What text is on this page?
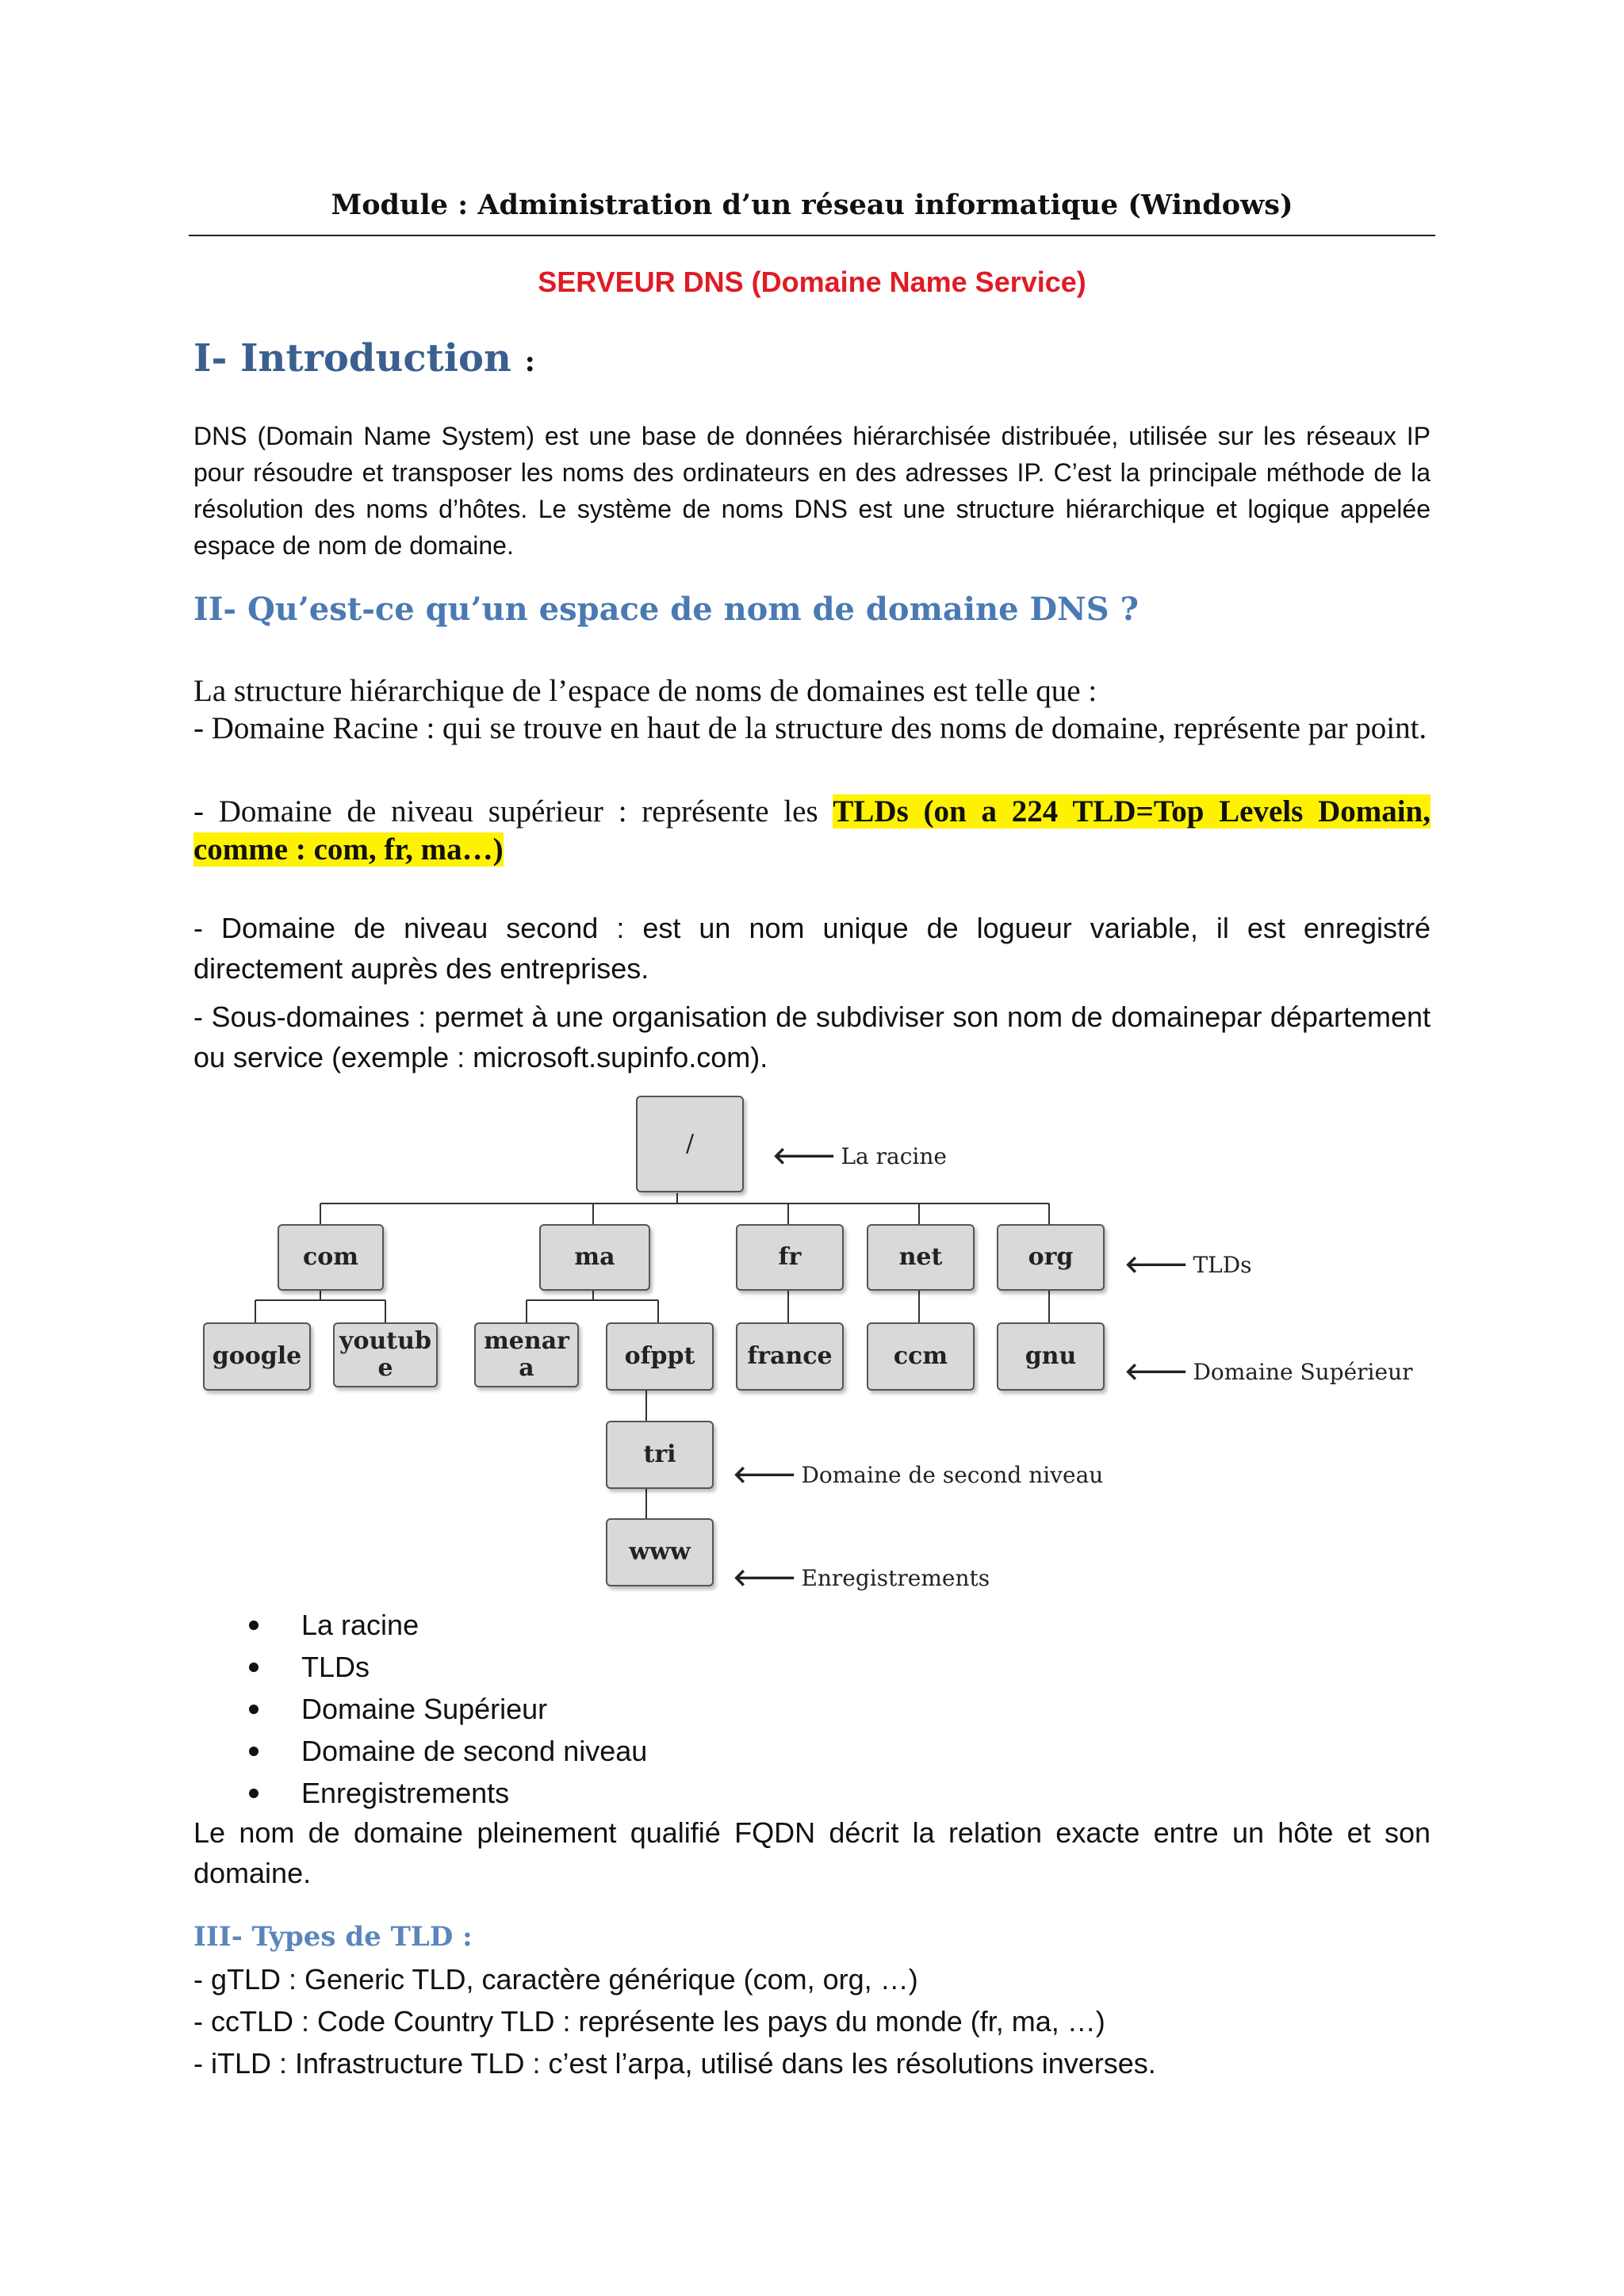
Module : Administration d’un réseau informatique (Windows)
SERVEUR DNS (Domaine Name Service)
I- Introduction :
DNS (Domain Name System) est une base de données hiérarchisée distribuée, utilisée sur les réseaux IP pour résoudre et transposer les noms des ordinateurs en des adresses IP. C’est la principale méthode de la résolution des noms d’hôtes. Le système de noms DNS est une structure hiérarchique et logique appelée espace de nom de domaine.
II- Qu’est-ce qu’un espace de nom de domaine DNS ?
La structure hiérarchique de l’espace de noms de domaines est telle que :
- Domaine Racine : qui se trouve en haut de la structure des noms de domaine, représente par point.
- Domaine de niveau supérieur : représente les TLDs (on a 224 TLD=Top Levels Domain, comme : com, fr, ma…)
- Domaine de niveau second : est un nom unique de logueur variable, il est enregistré directement auprès des entreprises.
- Sous-domaines : permet à une organisation de subdiviser son nom de domainepar département ou service (exemple : microsoft.supinfo.com).
/
com	ma	fr	net	org
google
youtub e
menar a	ofppt	france	ccm	gnu
tri
www
🡐 La racine
🡐 TLDs
🡐 Domaine Supérieur
🡐 Domaine de second niveau
🡐 Enregistrements
La racine
TLDs
Domaine Supérieur
Domaine de second niveau
Enregistrements
Le nom de domaine pleinement qualifié FQDN décrit la relation exacte entre un hôte et son domaine.
III- Types de TLD :
- gTLD : Generic TLD, caractère générique (com, org, …)
- ccTLD : Code Country TLD : représente les pays du monde (fr, ma, …)
- iTLD : Infrastructure TLD : c’est l’arpa, utilisé dans les résolutions inverses.
